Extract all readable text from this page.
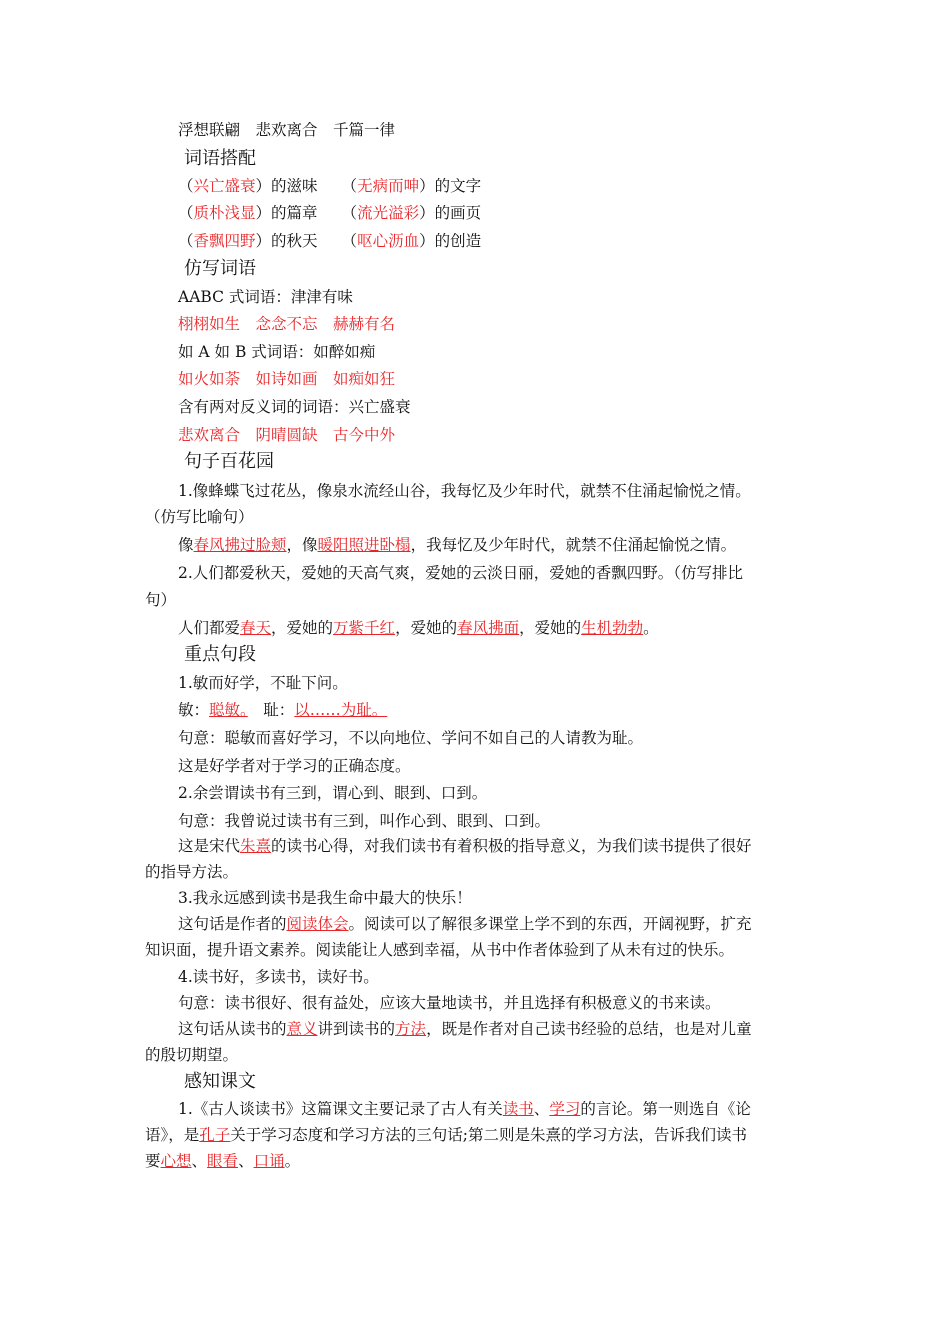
浮想联翩　悲欢离合　千篇一律
词语搭配
（兴亡盛衰）的滋味 （无病而呻）的文字
（质朴浅显）的篇章 （流光溢彩）的画页
（香飘四野）的秋天 （呕心沥血）的创造
仿写词语
AABC 式词语：津津有味
栩栩如生　念念不忘　赫赫有名
如 A 如 B 式词语：如醉如痴
如火如荼　如诗如画　如痴如狂
含有两对反义词的词语：兴亡盛衰
悲欢离合　阴晴圆缺　古今中外
句子百花园
1.像蜂蝶飞过花丛，像泉水流经山谷，我每忆及少年时代，就禁不住涌起愉悦之情。
（仿写比喻句）
像春风拂过脸颊，像暖阳照进卧榻，我每忆及少年时代，就禁不住涌起愉悦之情。
2.人们都爱秋天，爱她的天高气爽，爱她的云淡日丽，爱她的香飘四野。（仿写排比
句）
人们都爱春天，爱她的万紫千红，爱她的春风拂面，爱她的生机勃勃。
重点句段
1.敏而好学，不耻下问。
敏：聪敏。　耻：以……为耻。
句意：聪敏而喜好学习，不以向地位、学问不如自己的人请教为耻。
这是好学者对于学习的正确态度。
2.余尝谓读书有三到，谓心到、眼到、口到。
句意：我曾说过读书有三到，叫作心到、眼到、口到。
这是宋代朱熹的读书心得，对我们读书有着积极的指导意义，为我们读书提供了很好
的指导方法。
3.我永远感到读书是我生命中最大的快乐！
这句话是作者的阅读体会。阅读可以了解很多课堂上学不到的东西，开阔视野，扩充
知识面，提升语文素养。阅读能让人感到幸福，从书中作者体验到了从未有过的快乐。
4.读书好，多读书，读好书。
句意：读书很好、很有益处，应该大量地读书，并且选择有积极意义的书来读。
这句话从读书的意义讲到读书的方法，既是作者对自己读书经验的总结，也是对儿童
的殷切期望。
感知课文
1.《古人谈读书》这篇课文主要记录了古人有关读书、学习的言论。第一则选自《论
语》，是孔子关于学习态度和学习方法的三句话;第二则是朱熹的学习方法，告诉我们读书
要心想、眼看、口诵。
